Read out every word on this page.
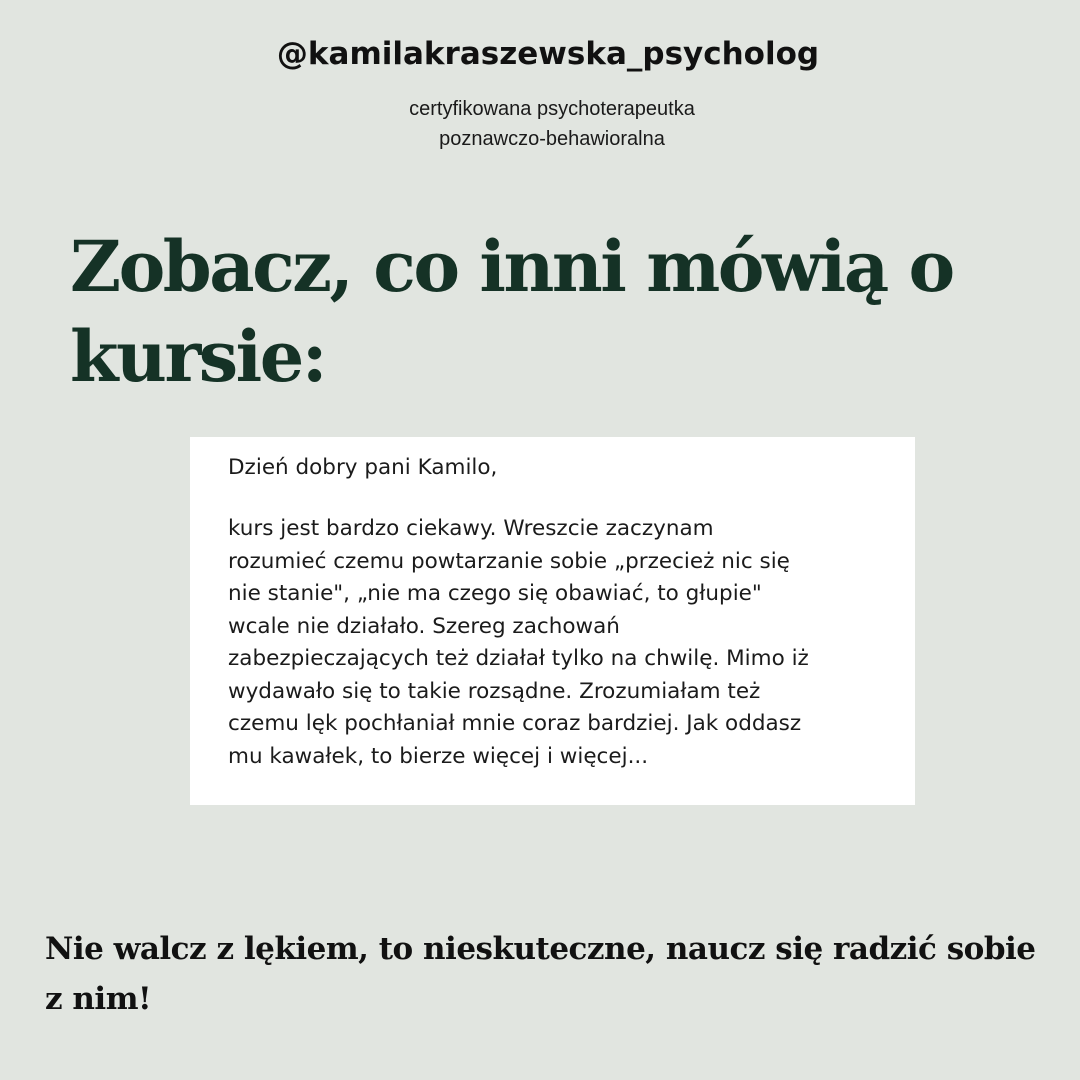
@kamilakraszewska_psycholog
certyfikowana psychoterapeutka
poznawczo-behawioralna
Zobacz, co inni mówią o kursie:
Dzień dobry pani Kamilo,
kurs jest bardzo ciekawy. Wreszcie zaczynam
rozumieć czemu powtarzanie sobie „przecież nic się
nie stanie", „nie ma czego się obawiać, to głupie"
wcale nie działało. Szereg zachowań
zabezpieczających też działał tylko na chwilę. Mimo iż
wydawało się to takie rozsądne. Zrozumiałam też
czemu lęk pochłaniał mnie coraz bardziej. Jak oddasz
mu kawałek, to bierze więcej i więcej...
Nie walcz z lękiem, to nieskuteczne, naucz się radzić sobie
z nim!
